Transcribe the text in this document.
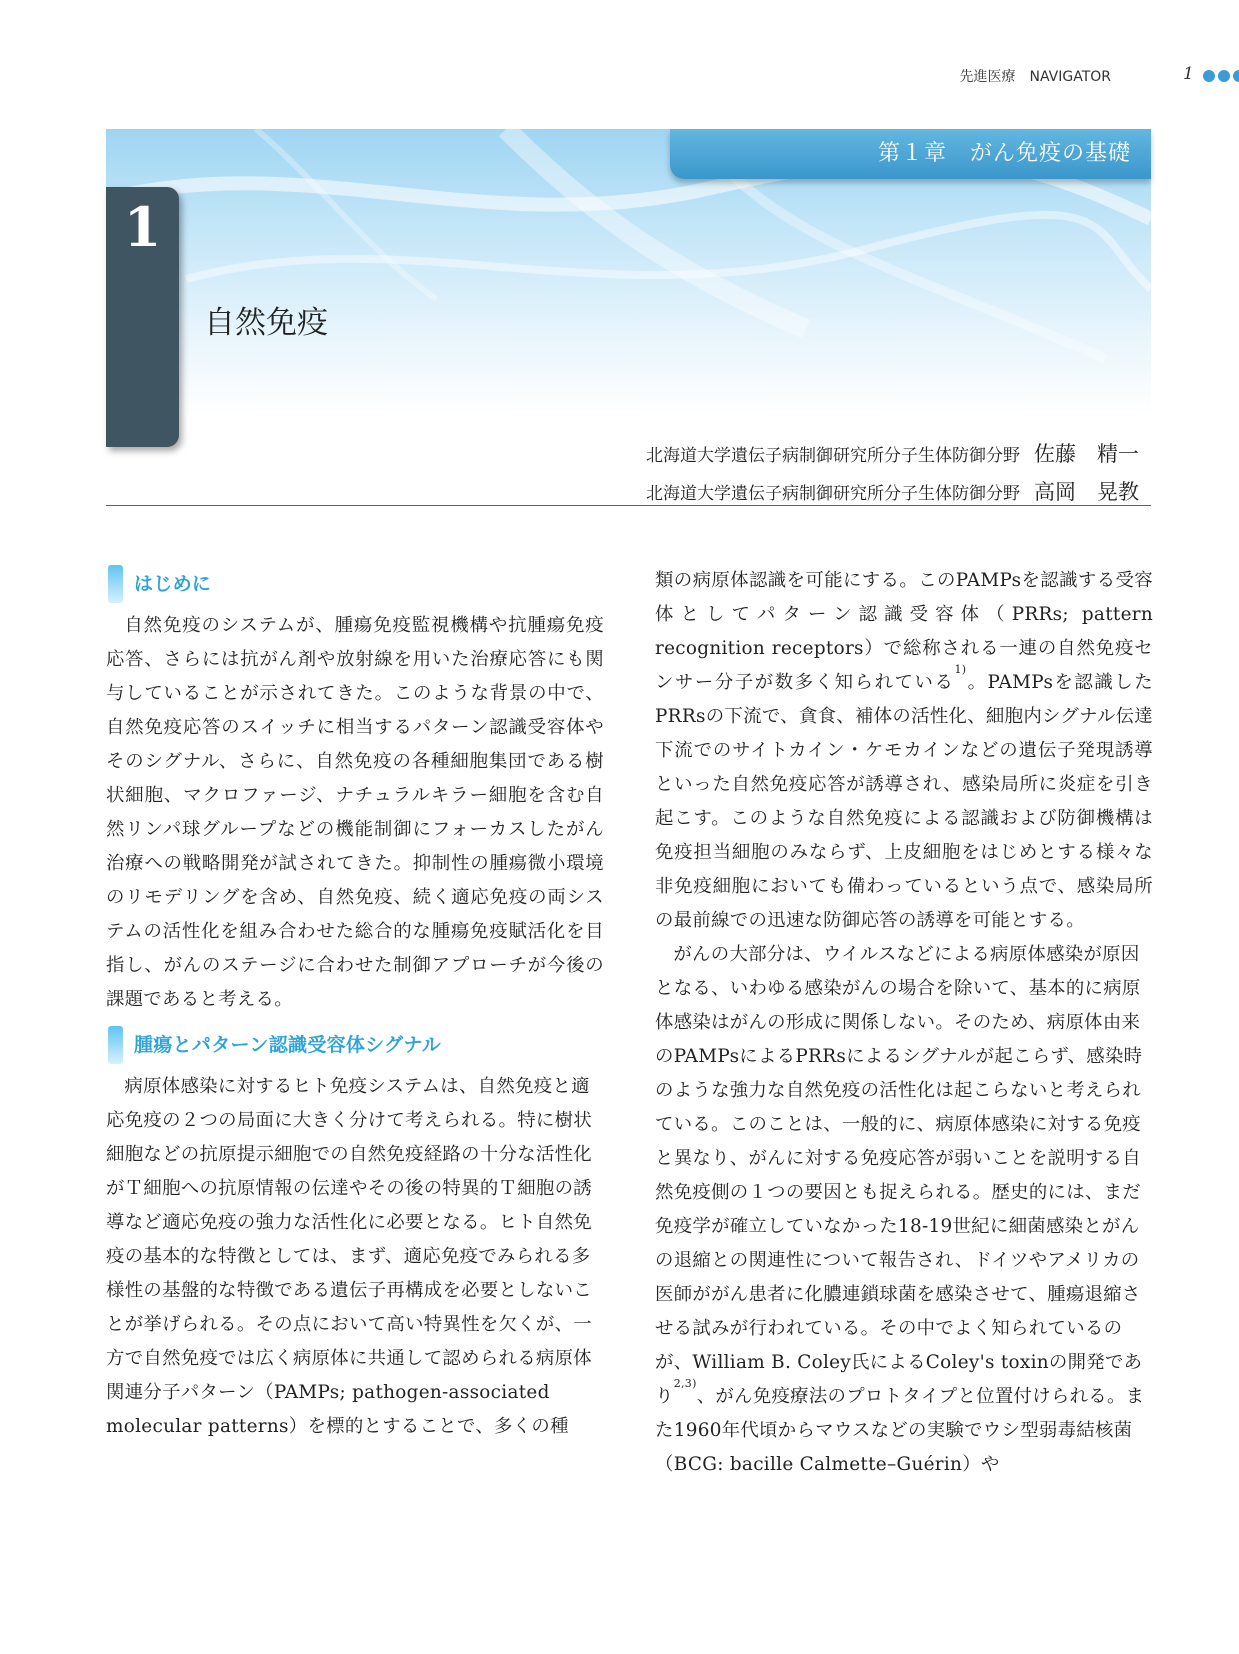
先進医療　NAVIGATOR	1
第１章　がん免疫の基礎
1
自然免疫
北海道大学遺伝子病制御研究所分子生体防御分野 佐藤　精一
北海道大学遺伝子病制御研究所分子生体防御分野 高岡　晃教
はじめに

自然免疫のシステムが、腫瘍免疫監視機構や抗腫瘍免疫応答、さらには抗がん剤や放射線を用いた治療応答にも関与していることが示されてきた。このような背景の中で、自然免疫応答のスイッチに相当するパターン認識受容体やそのシグナル、さらに、自然免疫の各種細胞集団である樹状細胞、マクロファージ、ナチュラルキラー細胞を含む自然リンパ球グループなどの機能制御にフォーカスしたがん治療への戦略開発が試されてきた。抑制性の腫瘍微小環境のリモデリングを含め、自然免疫、続く適応免疫の両システムの活性化を組み合わせた総合的な腫瘍免疫賦活化を目指し、がんのステージに合わせた制御アプローチが今後の課題であると考える。

腫瘍とパターン認識受容体シグナル

病原体感染に対するヒト免疫システムは、自然免疫と適応免疫の２つの局面に大きく分けて考えられる。特に樹状細胞などの抗原提示細胞での自然免疫経路の十分な活性化がＴ細胞への抗原情報の伝達やその後の特異的Ｔ細胞の誘導など適応免疫の強力な活性化に必要となる。ヒト自然免疫の基本的な特徴としては、まず、適応免疫でみられる多様性の基盤的な特徴である遺伝子再構成を必要としないことが挙げられる。その点において高い特異性を欠くが、一方で自然免疫では広く病原体に共通して認められる病原体関連分子パターン（PAMPs; pathogen-associated molecular patterns）を標的とすることで、多くの種

類の病原体認識を可能にする。このPAMPsを認識する受容体としてパターン認識受容体（PRRs; pattern recognition receptors）で総称される一連の自然免疫センサー分子が数多く知られている$^{1)}$。PAMPsを認識したPRRsの下流で、貪食、補体の活性化、細胞内シグナル伝達下流でのサイトカイン・ケモカインなどの遺伝子発現誘導といった自然免疫応答が誘導され、感染局所に炎症を引き起こす。このような自然免疫による認識および防御機構は免疫担当細胞のみならず、上皮細胞をはじめとする様々な非免疫細胞においても備わっているという点で、感染局所の最前線での迅速な防御応答の誘導を可能とする。

がんの大部分は、ウイルスなどによる病原体感染が原因となる、いわゆる感染がんの場合を除いて、基本的に病原体感染はがんの形成に関係しない。そのため、病原体由来のPAMPsによるPRRsによるシグナルが起こらず、感染時のような強力な自然免疫の活性化は起こらないと考えられている。このことは、一般的に、病原体感染に対する免疫と異なり、がんに対する免疫応答が弱いことを説明する自然免疫側の１つの要因とも捉えられる。歴史的には、まだ免疫学が確立していなかった18-19世紀に細菌感染とがんの退縮との関連性について報告され、ドイツやアメリカの医師ががん患者に化膿連鎖球菌を感染させて、腫瘍退縮させる試みが行われている。その中でよく知られているのが、William B. Coley氏によるColey's toxinの開発であり$^{2,3)}$、がん免疫療法のプロトタイプと位置付けられる。また1960年代頃からマウスなどの実験でウシ型弱毒結核菌（BCG: bacille Calmette–Guérin）や
